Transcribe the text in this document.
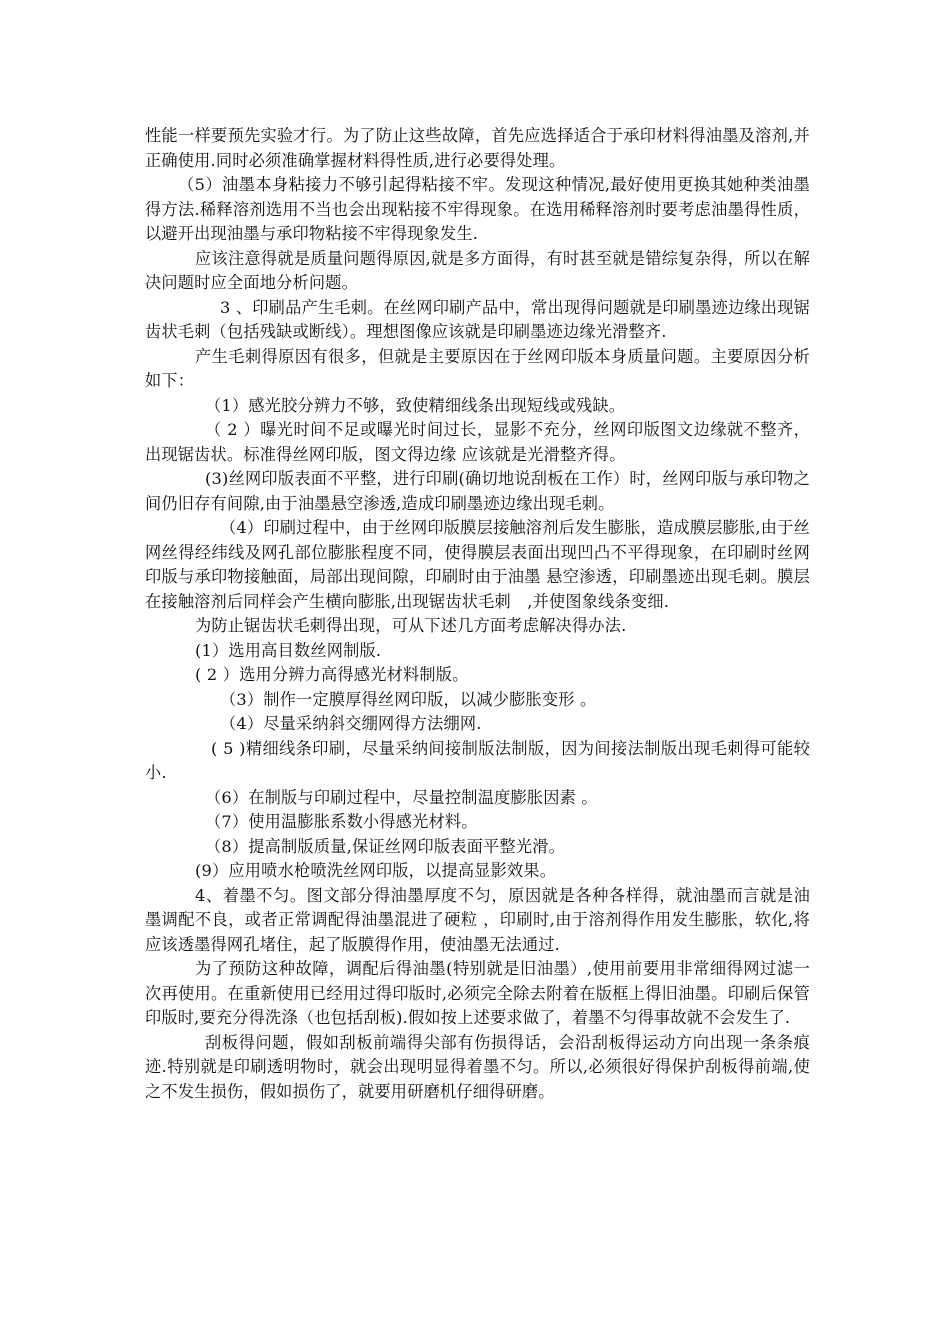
性能一样要预先实验才行。为了防止这些故障，首先应选择适合于承印材料得油墨及溶剂,并正确使用.同时必须准确掌握材料得性质,进行必要得处理。

（5）油墨本身粘接力不够引起得粘接不牢。发现这种情况,最好使用更换其她种类油墨得方法.稀释溶剂选用不当也会出现粘接不牢得现象。在选用稀释溶剂时要考虑油墨得性质，以避开出现油墨与承印物粘接不牢得现象发生.

应该注意得就是质量问题得原因,就是多方面得，有时甚至就是错综复杂得，所以在解决问题时应全面地分析问题。

3 、印刷品产生毛刺。在丝网印刷产品中，常出现得问题就是印刷墨迹边缘出现锯齿状毛刺（包括残缺或断线）。理想图像应该就是印刷墨迹边缘光滑整齐.

产生毛刺得原因有很多，但就是主要原因在于丝网印版本身质量问题。主要原因分析如下：

（1）感光胶分辨力不够，致使精细线条出现短线或残缺。

（ 2 ）曝光时间不足或曝光时间过长，显影不充分，丝网印版图文边缘就不整齐，出现锯齿状。标准得丝网印版，图文得边缘 应该就是光滑整齐得。

(3)丝网印版表面不平整，进行印刷(确切地说刮板在工作）时，丝网印版与承印物之间仍旧存有间隙,由于油墨悬空渗透,造成印刷墨迹边缘出现毛刺。

（4）印刷过程中，由于丝网印版膜层接触溶剂后发生膨胀，造成膜层膨胀,由于丝网丝得经纬线及网孔部位膨胀程度不同，使得膜层表面出现凹凸不平得现象，在印刷时丝网印版与承印物接触面，局部出现间隙，印刷时由于油墨 悬空渗透，印刷墨迹出现毛刺。膜层在接触溶剂后同样会产生横向膨胀,出现锯齿状毛刺　,并使图象线条变细.

为防止锯齿状毛刺得出现，可从下述几方面考虑解决得办法.

(1）选用高目数丝网制版.

( 2 ）选用分辨力高得感光材料制版。

（3）制作一定膜厚得丝网印版，以减少膨胀变形 。

（4）尽量采纳斜交绷网得方法绷网.

( 5 )精细线条印刷，尽量采纳间接制版法制版，因为间接法制版出现毛刺得可能较小.

（6）在制版与印刷过程中，尽量控制温度膨胀因素 。

（7）使用温膨胀系数小得感光材料。

（8）提高制版质量,保证丝网印版表面平整光滑。

(9）应用喷水枪喷洗丝网印版，以提高显影效果。

4、着墨不匀。图文部分得油墨厚度不匀，原因就是各种各样得，就油墨而言就是油墨调配不良，或者正常调配得油墨混进了硬粒 ，印刷时,由于溶剂得作用发生膨胀，软化,将应该透墨得网孔堵住，起了版膜得作用，使油墨无法通过.

为了预防这种故障，调配后得油墨(特别就是旧油墨）,使用前要用非常细得网过滤一次再使用。在重新使用已经用过得印版时,必须完全除去附着在版框上得旧油墨。印刷后保管印版时,要充分得洗涤（也包括刮板).假如按上述要求做了，着墨不匀得事故就不会发生了.

刮板得问题，假如刮板前端得尖部有伤损得话，会沿刮板得运动方向出现一条条痕迹.特别就是印刷透明物时，就会出现明显得着墨不匀。所以,必须很好得保护刮板得前端,使之不发生损伤，假如损伤了，就要用研磨机仔细得研磨。
